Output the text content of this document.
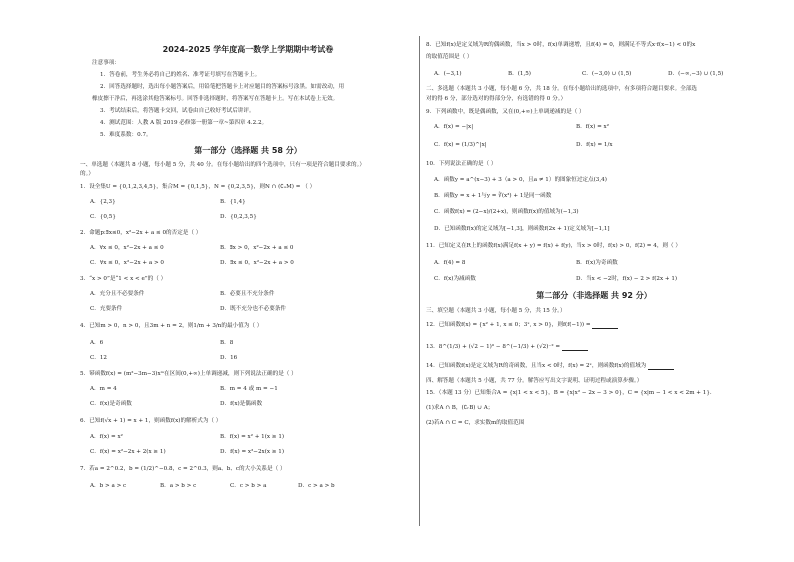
2024-2025 学年度高一数学上学期期中考试卷
注意事项：
1．答卷前，考生务必将自己的姓名、准考证号填写在答题卡上。
2．回答选择题时，选出每小题答案后，用铅笔把答题卡上对应题目的答案标号涂黑。如需改动，用
橡皮擦干净后，再选涂其他答案标号。回答非选择题时，将答案写在答题卡上。写在本试卷上无效。
3．考试结束后，将答题卡交回，试卷由自己收好考试后讲评。
4．测试范围：人教 A 版 2019 必修第一册第一章~第四章 4.2.2。
5．难度系数：0.7。
第一部分（选择题 共 58 分）
一、单选题（本题共 8 小题，每小题 5 分，共 40 分。在每小题给出的四个选项中，只有一项是符合题目要求的。）
的。）
1．设全集U = {0,1,2,3,4,5}，集合M = {0,1,5}，N = {0,2,3,5}，则N ∩ (∁ᵤM) = （ ）
A．{2,3}	B．{1,4}
C．{0,5}	D．{0,2,3,5}
2．命题p:∃x≤0，x²−2x + a ≤ 0的否定是（ ）
A．∀x ≤ 0，x²−2x + a ≤ 0	B．∃x > 0，x²−2x + a ≤ 0
C．∀x ≤ 0，x²−2x + a > 0	D．∃x ≤ 0，x²−2x + a > 0
3．“x > 0”是“1 < x < e”的（ ）
A．充分且不必要条件	B．必要且不充分条件
C．充要条件	D．既不充分也不必要条件
4．已知m > 0，n > 0，且3m + n = 2，则1/m + 3/n的最小值为（ ）
A．6	B．8
C．12	D．16
5．幂函数f(x) = (m²−3m−3)xᵐ在区间(0,+∞)上单调递减，则下列说法正确的是（ ）
A．m = 4	B．m = 4 或 m = −1
C．f(x)是奇函数	D．f(x)是偶函数
6．已知f(√x + 1) = x + 1，则函数f(x)的解析式为（ ）
A．f(x) = x²	B．f(x) = x² + 1(x ≥ 1)
C．f(x) = x²−2x + 2(x ≥ 1)	D．f(x) = x²−2x(x ≥ 1)
7．若a = 2^0.2，b = (1/2)^−0.8，c = 2^0.3，则a、b、c的大小关系是（ ）
A．b > a > c	B．a > b > c	C．c > b > a	D．c > a > b
8．已知f(x)是定义域为R的偶函数，当x > 0时，f(x)单调递增，且f(4) = 0，则满足不等式x·f(x−1) < 0的x
的取值范围是（ ）
A．(−3,1)	B．(1,5)	C．(−3,0) ∪ (1,5)	D．(−∞,−3) ∪ (1,5)
二、多选题（本题共 3 小题，每小题 6 分，共 18 分。在每小题给出的选项中，有多项符合题目要求。全部选
对的得 6 分，部分选对的得部分分，有选错的得 0 分。）
9．下列函数中，既是偶函数，又在(0,+∞)上单调递减的是（ ）
A．f(x) = −|x|	B．f(x) = x²
C．f(x) = (1/3)^|x|	D．f(x) = 1/x
10．下列说法正确的是（ ）
A．函数y = a^(x−3) + 3（a > 0，且a ≠ 1）的图象恒过定点(3,4)
B．函数y = x + 1与y = ∛(x³) + 1是同一函数
C．函数f(x) = (2−x)/(2+x)，则函数f(x)的值域为(−1,3)
D．已知函数f(x)的定义域为[−1,3]，则函数f(2x + 1)定义域为[−1,1]
11．已知定义在R上的函数f(x)满足f(x + y) = f(x) + f(y)，当x > 0时，f(x) > 0，f(2) = 4，则（ ）
A．f(4) = 8	B．f(x)为奇函数
C．f(x)为减函数	D．当x < −2时，f(x) − 2 > f(2x + 1)
第二部分（非选择题 共 92 分）
三、填空题（本题共 3 小题，每小题 5 分，共 15 分。）
12．已知函数f(x) = {x² + 1, x ≤ 0；3ˣ, x > 0}，则f(f(−1)) =
13．8^(1/3) + (√2 − 1)⁰ − 8^(−1/3) + (√2)⁻² =
14．已知函数f(x)是定义域为R的奇函数，且当x < 0时，f(x) = 2ˣ，则函数f(x)的值域为
四、解答题（本题共 5 小题，共 77 分。解答应写出文字说明、证明过程或演算步骤。）
15．（本题 13 分）已知集合A = {x|1 < x < 5}，B = {x|x² − 2x − 3 > 0}，C = {x|m − 1 < x < 2m + 1}.
(1)求A ∩ B，(∁ᵣB) ∪ A；
(2)若A ∩ C = C，求实数m的取值范围
